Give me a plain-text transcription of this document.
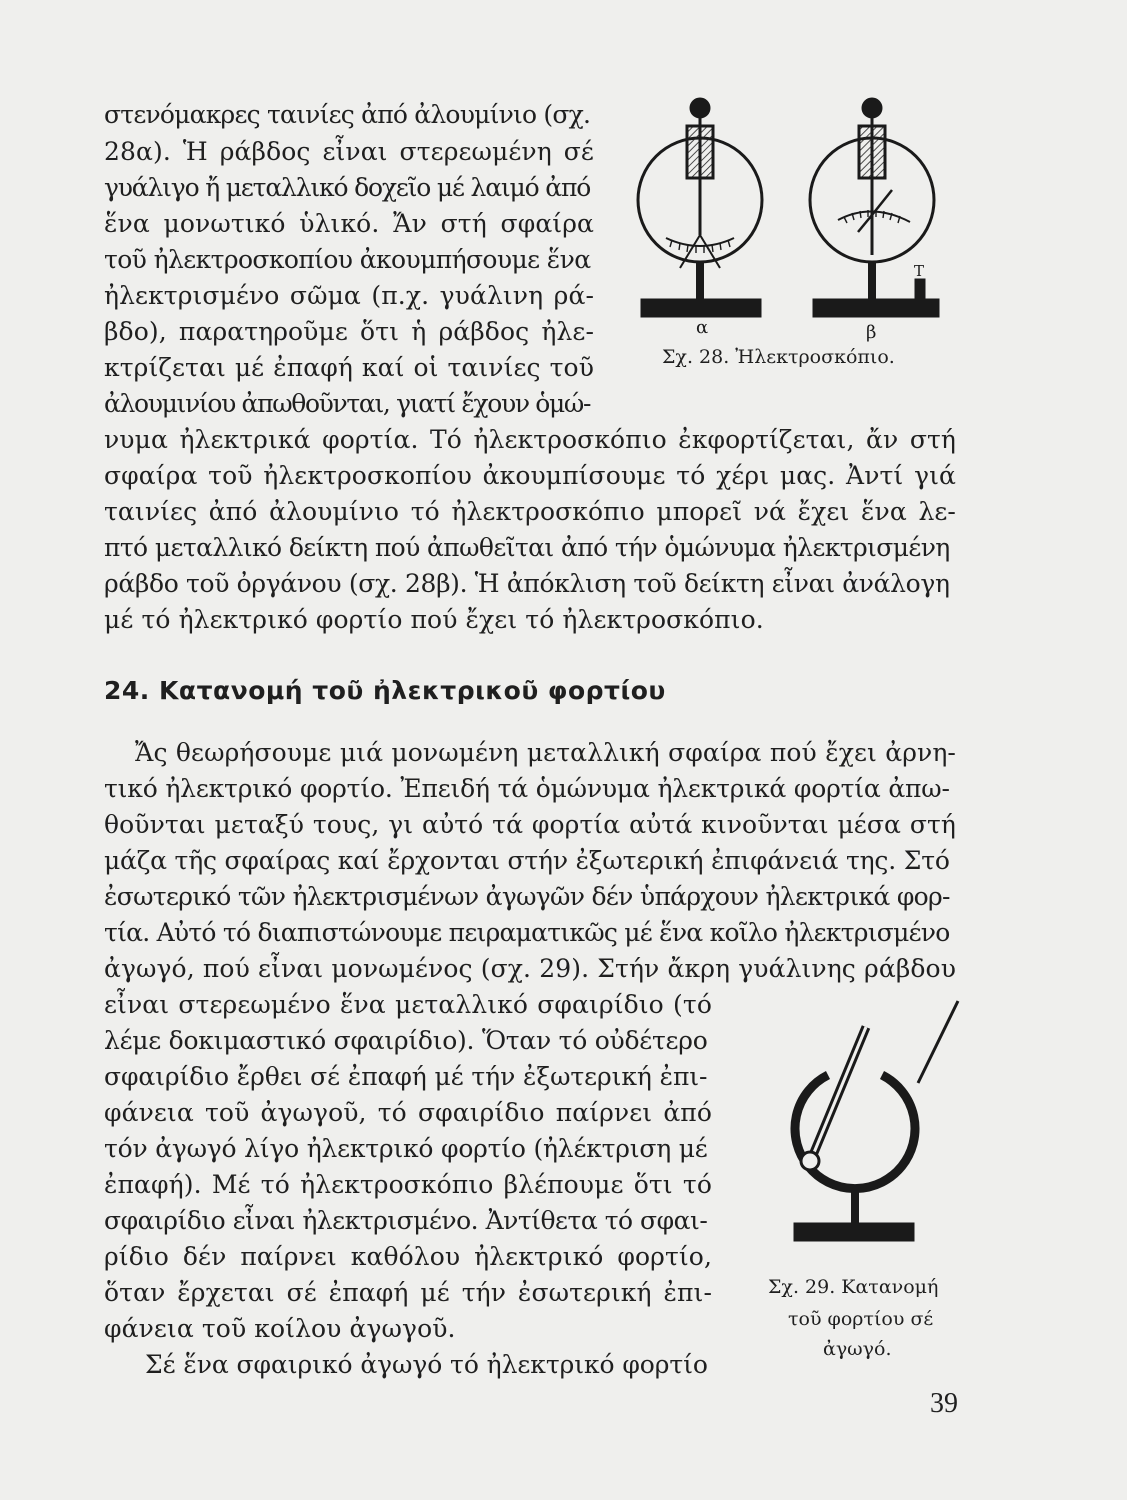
στενόμακρες ταινίες ἀπό ἀλουμίνιο (σχ.
28α). Ἡ ράβδος εἶναι στερεωμένη σέ
γυάλιγο ἤ μεταλλικό δοχεῖο μέ λαιμό ἀπό
ἕνα μονωτικό ὑλικό. Ἄν στή σφαίρα
τοῦ ἠλεκτροσκοπίου ἀκουμπήσουμε ἕνα
ἠλεκτρισμένο σῶμα (π.χ. γυάλινη ρά-
βδο), παρατηροῦμε ὅτι ἡ ράβδος ἠλε-
κτρίζεται μέ ἐπαφή καί οἱ ταινίες τοῦ
ἀλουμινίου ἀπωθοῦνται, γιατί ἔχουν ὁμώ-
νυμα ἠλεκτρικά φορτία. Τό ἠλεκτροσκόπιο ἐκφορτίζεται, ἄν στή
σφαίρα τοῦ ἠλεκτροσκοπίου ἀκουμπίσουμε τό χέρι μας. Ἀντί γιά
ταινίες ἀπό ἀλουμίνιο τό ἠλεκτροσκόπιο μπορεῖ νά ἔχει ἕνα λε-
πτό μεταλλικό δείκτη πού ἀπωθεῖται ἀπό τήν ὁμώνυμα ἠλεκτρισμένη
ράβδο τοῦ ὀργάνου (σχ. 28β). Ἡ ἀπόκλιση τοῦ δείκτη εἶναι ἀνάλογη
μέ τό ἠλεκτρικό φορτίο πού ἔχει τό ἠλεκτροσκόπιο.
24. Κατανομή τοῦ ἠλεκτρικοῦ φορτίου
Ἄς θεωρήσουμε μιά μονωμένη μεταλλική σφαίρα πού ἔχει ἀρνη-
τικό ἠλεκτρικό φορτίο. Ἐπειδή τά ὁμώνυμα ἠλεκτρικά φορτία ἀπω-
θοῦνται μεταξύ τους, γι αὐτό τά φορτία αὐτά κινοῦνται μέσα στή
μάζα τῆς σφαίρας καί ἔρχονται στήν ἐξωτερική ἐπιφάνειά της. Στό
ἐσωτερικό τῶν ἠλεκτρισμένων ἀγωγῶν δέν ὑπάρχουν ἠλεκτρικά φορ-
τία. Αὐτό τό διαπιστώνουμε πειραματικῶς μέ ἕνα κοῖλο ἠλεκτρισμένο
ἀγωγό, πού εἶναι μονωμένος (σχ. 29). Στήν ἄκρη γυάλινης ράβδου
εἶναι στερεωμένο ἕνα μεταλλικό σφαιρίδιο (τό
λέμε δοκιμαστικό σφαιρίδιο). Ὅταν τό οὐδέτερο
σφαιρίδιο ἔρθει σέ ἐπαφή μέ τήν ἐξωτερική ἐπι-
φάνεια τοῦ ἀγωγοῦ, τό σφαιρίδιο παίρνει ἀπό
τόν ἀγωγό λίγο ἠλεκτρικό φορτίο (ἠλέκτριση μέ
ἐπαφή). Μέ τό ἠλεκτροσκόπιο βλέπουμε ὅτι τό
σφαιρίδιο εἶναι ἠλεκτρισμένο. Ἀντίθετα τό σφαι-
ρίδιο δέν παίρνει καθόλου ἠλεκτρικό φορτίο,
ὅταν ἔρχεται σέ ἐπαφή μέ τήν ἐσωτερική ἐπι-
φάνεια τοῦ κοίλου ἀγωγοῦ.
Σέ ἕνα σφαιρικό ἀγωγό τό ἠλεκτρικό φορτίο
α	β
T
Σχ. 28. Ἠλεκτροσκόπιο.
Σχ. 29. Κατανομή
τοῦ φορτίου σέ
ἀγωγό.
39
